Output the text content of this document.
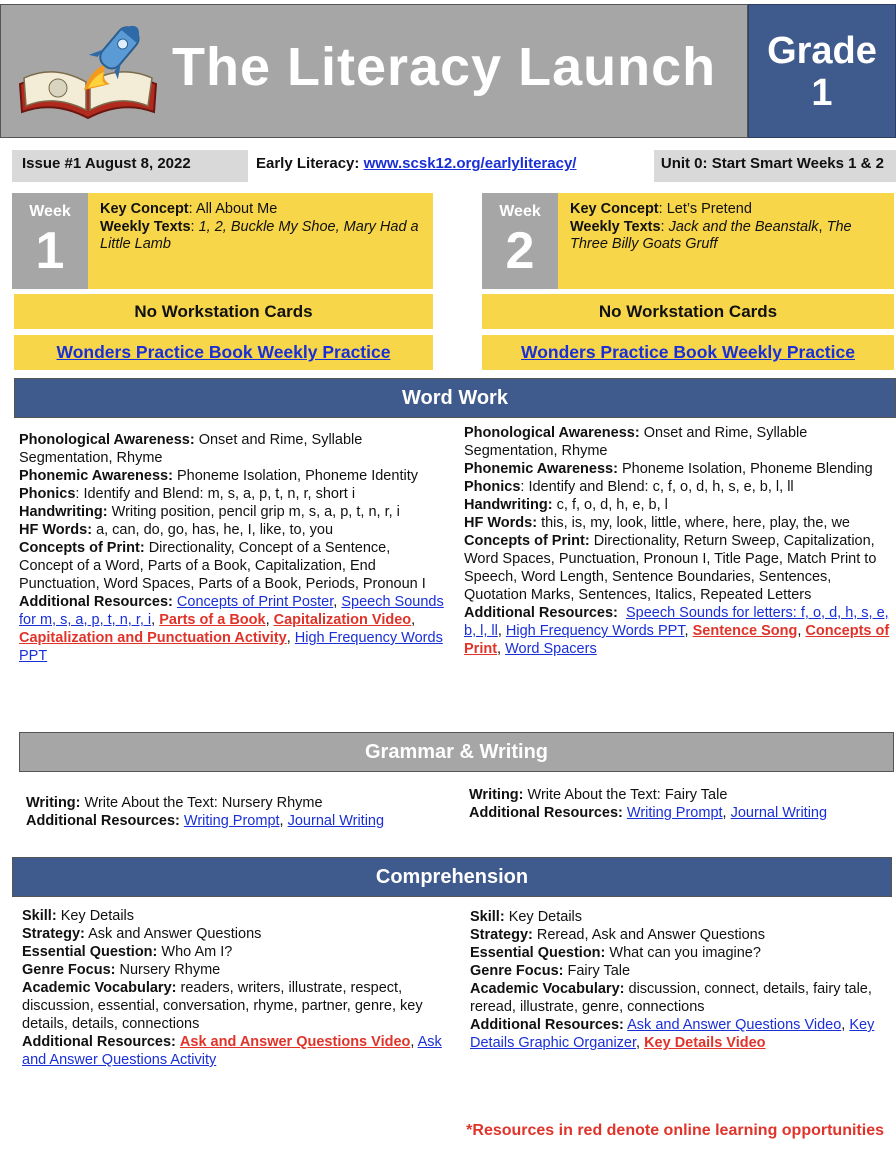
The Literacy Launch	Grade
1
Issue #1 August 8, 2022	Early Literacy: www.scsk12.org/earlyliteracy/	Unit 0: Start Smart Weeks 1 & 2
Week
1
Key Concept: All About Me
Weekly Texts: 1, 2, Buckle My Shoe, Mary Had a Little Lamb
No Workstation Cards
Wonders Practice Book Weekly Practice
Week
2
Key Concept: Let’s Pretend
Weekly Texts: Jack and the Beanstalk, The Three Billy Goats Gruff
No Workstation Cards
Wonders Practice Book Weekly Practice
Word Work

Phonological Awareness: Onset and Rime, Syllable Segmentation, Rhyme

Phonemic Awareness: Phoneme Isolation, Phoneme Identity

Phonics: Identify and Blend: m, s, a, p, t, n, r, short i

Handwriting: Writing position, pencil grip m, s, a, p, t, n, r, i

HF Words: a, can, do, go, has, he, I, like, to, you

Concepts of Print: Directionality, Concept of a Sentence, Concept of a Word, Parts of a Book, Capitalization, End Punctuation, Word Spaces, Parts of a Book, Periods, Pronoun I

Additional Resources: Concepts of Print Poster, Speech Sounds for m, s, a, p, t, n, r, i, Parts of a Book, Capitalization Video, Capitalization and Punctuation Activity, High Frequency Words PPT

Phonological Awareness: Onset and Rime, Syllable Segmentation, Rhyme

Phonemic Awareness: Phoneme Isolation, Phoneme Blending

Phonics: Identify and Blend: c, f, o, d, h, s, e, b, l, ll

Handwriting: c, f, o, d, h, e, b, l

HF Words: this, is, my, look, little, where, here, play, the, we

Concepts of Print: Directionality, Return Sweep, Capitalization, Word Spaces, Punctuation, Pronoun I, Title Page, Match Print to Speech, Word Length, Sentence Boundaries, Sentences, Quotation Marks, Sentences, Italics, Repeated Letters

Additional Resources: Speech Sounds for letters: f, o, d, h, s, e, b, l, ll, High Frequency Words PPT, Sentence Song, Concepts of Print, Word Spacers

Grammar & Writing

Writing: Write About the Text: Nursery Rhyme

Additional Resources: Writing Prompt, Journal Writing

Writing: Write About the Text: Fairy Tale

Additional Resources: Writing Prompt, Journal Writing

Comprehension

Skill: Key Details

Strategy: Ask and Answer Questions

Essential Question: Who Am I?

Genre Focus: Nursery Rhyme

Academic Vocabulary: readers, writers, illustrate, respect, discussion, essential, conversation, rhyme, partner, genre, key details, details, connections

Additional Resources: Ask and Answer Questions Video, Ask and Answer Questions Activity

Skill: Key Details

Strategy: Reread, Ask and Answer Questions

Essential Question: What can you imagine?

Genre Focus: Fairy Tale

Academic Vocabulary: discussion, connect, details, fairy tale, reread, illustrate, genre, connections

Additional Resources: Ask and Answer Questions Video, Key Details Graphic Organizer, Key Details Video

*Resources in red denote online learning opportunities
